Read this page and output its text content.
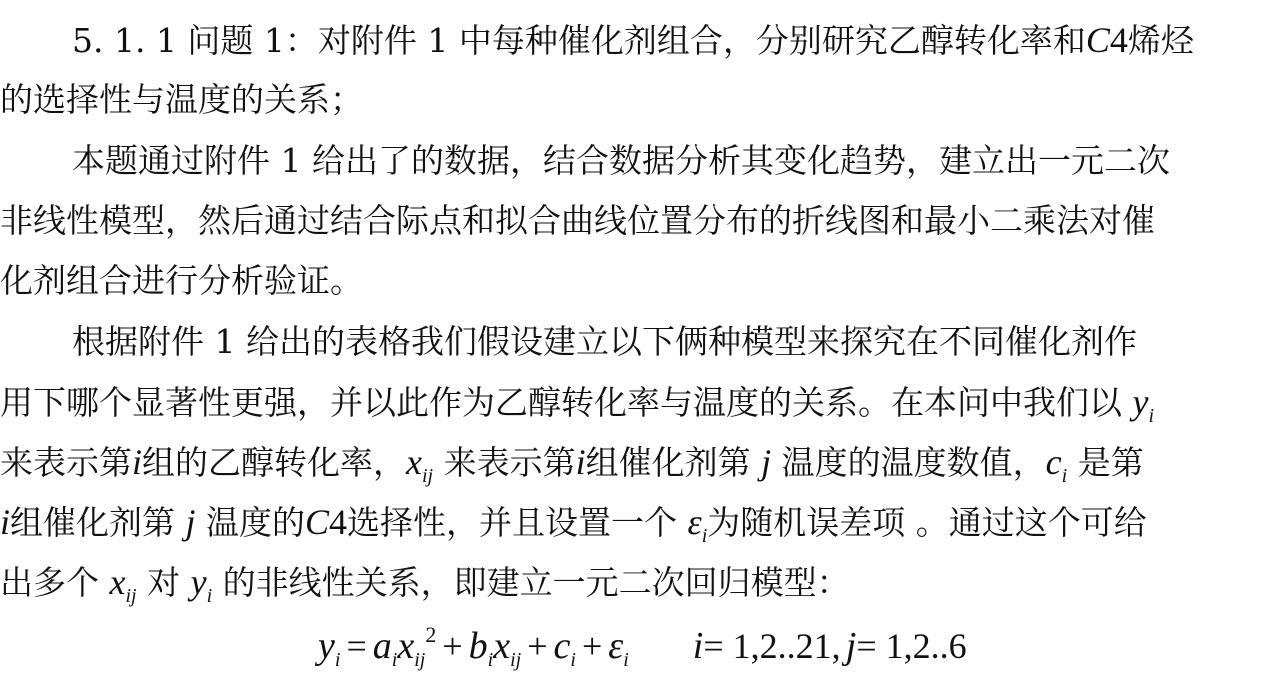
5. 1. 1 问题 1：对附件 1 中每种催化剂组合，分别研究乙醇转化率和C4烯烃
的选择性与温度的关系；
本题通过附件 1 给出了的数据，结合数据分析其变化趋势，建立出一元二次
非线性模型，然后通过结合际点和拟合曲线位置分布的折线图和最小二乘法对催
化剂组合进行分析验证。
根据附件 1 给出的表格我们假设建立以下俩种模型来探究在不同催化剂作
用下哪个显著性更强，并以此作为乙醇转化率与温度的关系。在本问中我们以 $y_i$
来表示第i组的乙醇转化率，$x_{ij}$ 来表示第i组催化剂第 j 温度的温度数值，$c_i$ 是第
i组催化剂第 j 温度的C4选择性，并且设置一个 $\varepsilon_i$为随机误差项 。通过这个可给
出多个 $x_{ij}$ 对 $y_i$ 的非线性关系，即建立一元二次回归模型：
yi = aixij2 + bixij + ci + εi i= 1,2..21, j= 1,2..6
